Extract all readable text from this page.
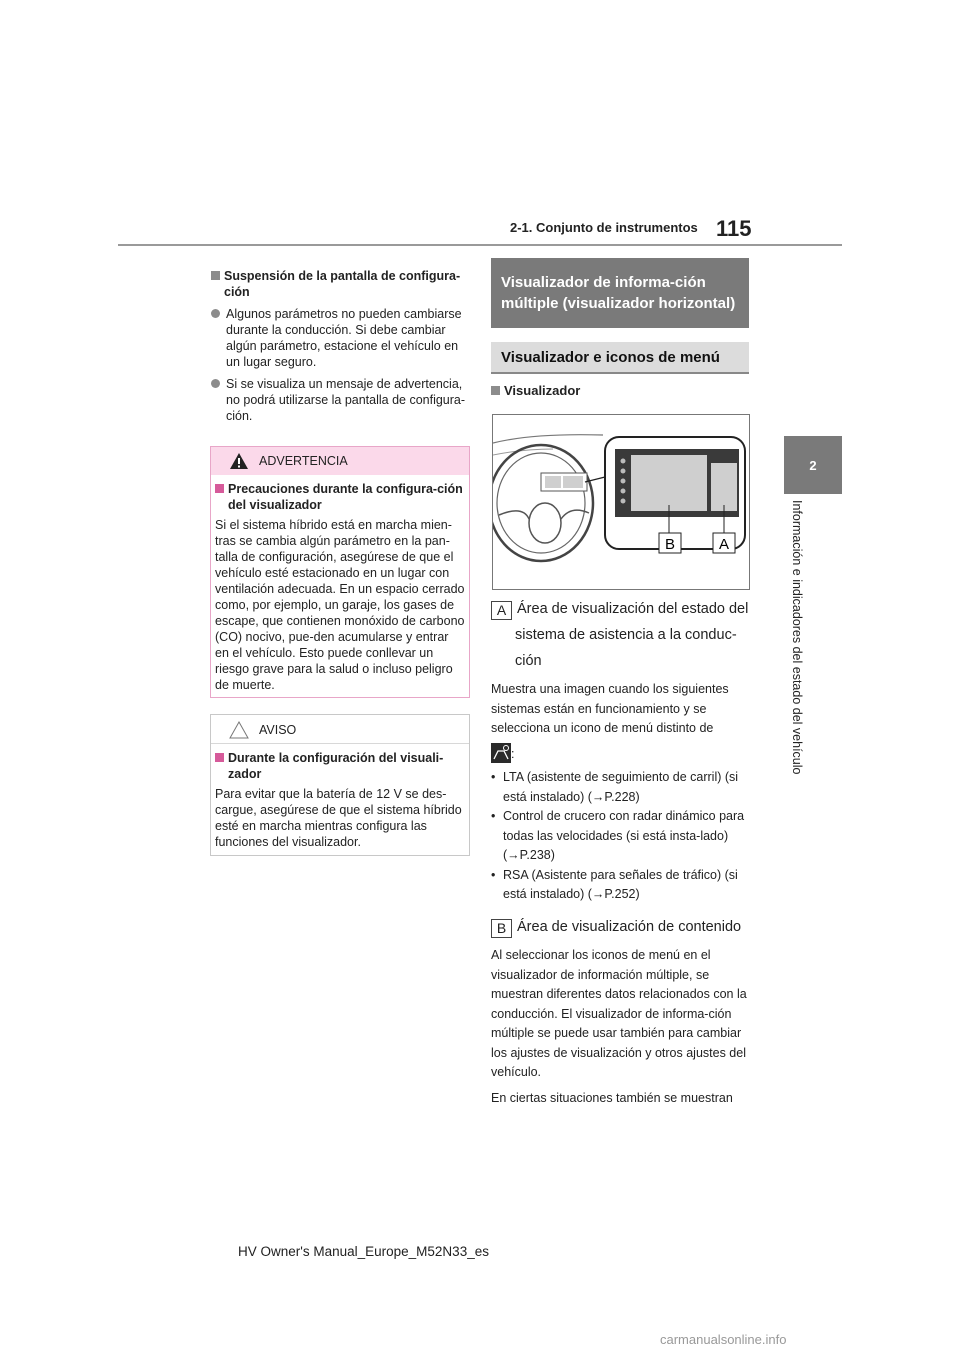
2-1. Conjunto de instrumentos 115
2
Información e indicadores del estado del vehículo
Suspensión de la pantalla de configura-ción
Algunos parámetros no pueden cambiarse durante la conducción. Si debe cambiar algún parámetro, estacione el vehículo en un lugar seguro.
Si se visualiza un mensaje de advertencia, no podrá utilizarse la pantalla de configura-ción.
ADVERTENCIA
Precauciones durante la configura-ción del visualizador
Si el sistema híbrido está en marcha mien-tras se cambia algún parámetro en la pan-talla de configuración, asegúrese de que el vehículo esté estacionado en un lugar con ventilación adecuada. En un espacio cerrado como, por ejemplo, un garaje, los gases de escape, que contienen monóxido de carbono (CO) nocivo, pue-den acumularse y entrar en el vehículo. Esto puede conllevar un riesgo grave para la salud o incluso peligro de muerte.
AVISO
Durante la configuración del visuali-zador
Para evitar que la batería de 12 V se des-cargue, asegúrese de que el sistema híbrido esté en marcha mientras configura las funciones del visualizador.
Visualizador de informa-ción múltiple (visualizador horizontal)
Visualizador e iconos de menú
Visualizador
B	A
A Área de visualización del estado del
sistema de asistencia a la conduc-
ción
Muestra una imagen cuando los siguientes sistemas están en funcionamiento y se selecciona un icono de menú distinto de
:
• LTA (asistente de seguimiento de carril) (si está instalado) (→P.228)
• Control de crucero con radar dinámico para todas las velocidades (si está insta-lado) (→P.238)
• RSA (Asistente para señales de tráfico) (si está instalado) (→P.252)
B Área de visualización de contenido
Al seleccionar los iconos de menú en el visualizador de información múltiple, se muestran diferentes datos relacionados con la conducción. El visualizador de informa-ción múltiple se puede usar también para cambiar los ajustes de visualización y otros ajustes del vehículo.
En ciertas situaciones también se muestran
HV Owner's Manual_Europe_M52N33_es
carmanualsonline.info
